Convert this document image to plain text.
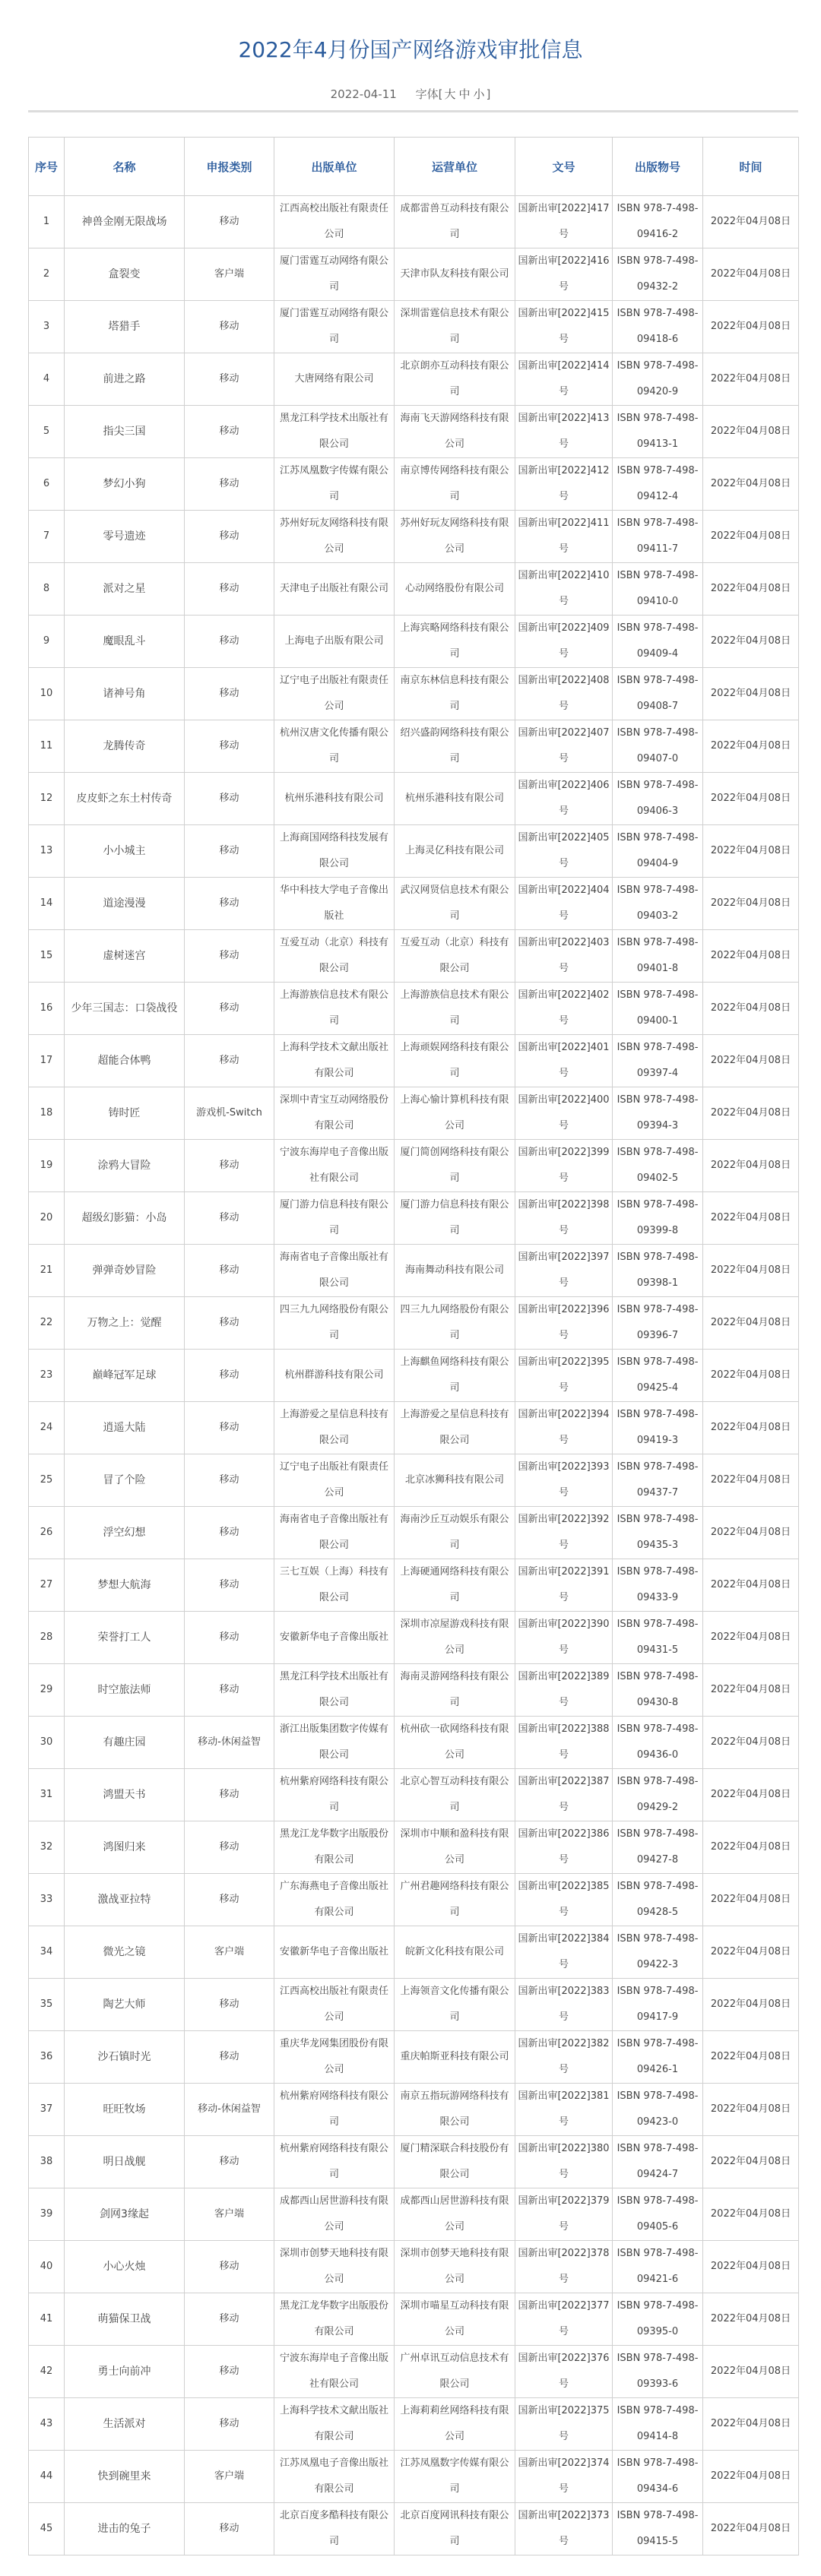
2022年4月份国产网络游戏审批信息
2022-04-11 字体[ 大 中 小 ]
序号	名称	申报类别	出版单位	运营单位	文号	出版物号	时间
1	神兽金刚无限战场	移动	江西高校出版社有限责任公司	成都雷兽互动科技有限公司	国新出审[2022]417号	ISBN 978-7-498-09416-2	2022年04月08日
2	盒裂变	客户端	厦门雷霆互动网络有限公司	天津市队友科技有限公司	国新出审[2022]416号	ISBN 978-7-498-09432-2	2022年04月08日
3	塔猎手	移动	厦门雷霆互动网络有限公司	深圳雷霆信息技术有限公司	国新出审[2022]415号	ISBN 978-7-498-09418-6	2022年04月08日
4	前进之路	移动	大唐网络有限公司	北京朗亦互动科技有限公司	国新出审[2022]414号	ISBN 978-7-498-09420-9	2022年04月08日
5	指尖三国	移动	黑龙江科学技术出版社有限公司	海南飞天游网络科技有限公司	国新出审[2022]413号	ISBN 978-7-498-09413-1	2022年04月08日
6	梦幻小狗	移动	江苏凤凰数字传媒有限公司	南京博传网络科技有限公司	国新出审[2022]412号	ISBN 978-7-498-09412-4	2022年04月08日
7	零号遗迹	移动	苏州好玩友网络科技有限公司	苏州好玩友网络科技有限公司	国新出审[2022]411号	ISBN 978-7-498-09411-7	2022年04月08日
8	派对之星	移动	天津电子出版社有限公司	心动网络股份有限公司	国新出审[2022]410号	ISBN 978-7-498-09410-0	2022年04月08日
9	魔眼乱斗	移动	上海电子出版有限公司	上海宾略网络科技有限公司	国新出审[2022]409号	ISBN 978-7-498-09409-4	2022年04月08日
10	诸神号角	移动	辽宁电子出版社有限责任公司	南京东林信息科技有限公司	国新出审[2022]408号	ISBN 978-7-498-09408-7	2022年04月08日
11	龙腾传奇	移动	杭州汉唐文化传播有限公司	绍兴盛韵网络科技有限公司	国新出审[2022]407号	ISBN 978-7-498-09407-0	2022年04月08日
12	皮皮虾之东土村传奇	移动	杭州乐港科技有限公司	杭州乐港科技有限公司	国新出审[2022]406号	ISBN 978-7-498-09406-3	2022年04月08日
13	小小城主	移动	上海商国网络科技发展有限公司	上海灵亿科技有限公司	国新出审[2022]405号	ISBN 978-7-498-09404-9	2022年04月08日
14	道途漫漫	移动	华中科技大学电子音像出版社	武汉网贤信息技术有限公司	国新出审[2022]404号	ISBN 978-7-498-09403-2	2022年04月08日
15	虚树迷宫	移动	互爱互动（北京）科技有限公司	互爱互动（北京）科技有限公司	国新出审[2022]403号	ISBN 978-7-498-09401-8	2022年04月08日
16	少年三国志：口袋战役	移动	上海游族信息技术有限公司	上海游族信息技术有限公司	国新出审[2022]402号	ISBN 978-7-498-09400-1	2022年04月08日
17	超能合体鸭	移动	上海科学技术文献出版社有限公司	上海顽娱网络科技有限公司	国新出审[2022]401号	ISBN 978-7-498-09397-4	2022年04月08日
18	铸时匠	游戏机-Switch	深圳中青宝互动网络股份有限公司	上海心愉计算机科技有限公司	国新出审[2022]400号	ISBN 978-7-498-09394-3	2022年04月08日
19	涂鸦大冒险	移动	宁波东海岸电子音像出版社有限公司	厦门简创网络科技有限公司	国新出审[2022]399号	ISBN 978-7-498-09402-5	2022年04月08日
20	超级幻影猫：小岛	移动	厦门游力信息科技有限公司	厦门游力信息科技有限公司	国新出审[2022]398号	ISBN 978-7-498-09399-8	2022年04月08日
21	弹弹奇妙冒险	移动	海南省电子音像出版社有限公司	海南舞动科技有限公司	国新出审[2022]397号	ISBN 978-7-498-09398-1	2022年04月08日
22	万物之上：觉醒	移动	四三九九网络股份有限公司	四三九九网络股份有限公司	国新出审[2022]396号	ISBN 978-7-498-09396-7	2022年04月08日
23	巅峰冠军足球	移动	杭州群游科技有限公司	上海麒鱼网络科技有限公司	国新出审[2022]395号	ISBN 978-7-498-09425-4	2022年04月08日
24	逍遥大陆	移动	上海游爱之星信息科技有限公司	上海游爱之星信息科技有限公司	国新出审[2022]394号	ISBN 978-7-498-09419-3	2022年04月08日
25	冒了个险	移动	辽宁电子出版社有限责任公司	北京冰狮科技有限公司	国新出审[2022]393号	ISBN 978-7-498-09437-7	2022年04月08日
26	浮空幻想	移动	海南省电子音像出版社有限公司	海南沙丘互动娱乐有限公司	国新出审[2022]392号	ISBN 978-7-498-09435-3	2022年04月08日
27	梦想大航海	移动	三七互娱（上海）科技有限公司	上海硬通网络科技有限公司	国新出审[2022]391号	ISBN 978-7-498-09433-9	2022年04月08日
28	荣誉打工人	移动	安徽新华电子音像出版社	深圳市凉屋游戏科技有限公司	国新出审[2022]390号	ISBN 978-7-498-09431-5	2022年04月08日
29	时空旅法师	移动	黑龙江科学技术出版社有限公司	海南灵游网络科技有限公司	国新出审[2022]389号	ISBN 978-7-498-09430-8	2022年04月08日
30	有趣庄园	移动-休闲益智	浙江出版集团数字传媒有限公司	杭州砍一砍网络科技有限公司	国新出审[2022]388号	ISBN 978-7-498-09436-0	2022年04月08日
31	鸿盟天书	移动	杭州紫府网络科技有限公司	北京心智互动科技有限公司	国新出审[2022]387号	ISBN 978-7-498-09429-2	2022年04月08日
32	鸿图归来	移动	黑龙江龙华数字出版股份有限公司	深圳市中顺和盈科技有限公司	国新出审[2022]386号	ISBN 978-7-498-09427-8	2022年04月08日
33	激战亚拉特	移动	广东海燕电子音像出版社有限公司	广州君趣网络科技有限公司	国新出审[2022]385号	ISBN 978-7-498-09428-5	2022年04月08日
34	微光之镜	客户端	安徽新华电子音像出版社	皖新文化科技有限公司	国新出审[2022]384号	ISBN 978-7-498-09422-3	2022年04月08日
35	陶艺大师	移动	江西高校出版社有限责任公司	上海领音文化传播有限公司	国新出审[2022]383号	ISBN 978-7-498-09417-9	2022年04月08日
36	沙石镇时光	移动	重庆华龙网集团股份有限公司	重庆帕斯亚科技有限公司	国新出审[2022]382号	ISBN 978-7-498-09426-1	2022年04月08日
37	旺旺牧场	移动-休闲益智	杭州紫府网络科技有限公司	南京五指玩游网络科技有限公司	国新出审[2022]381号	ISBN 978-7-498-09423-0	2022年04月08日
38	明日战舰	移动	杭州紫府网络科技有限公司	厦门精深联合科技股份有限公司	国新出审[2022]380号	ISBN 978-7-498-09424-7	2022年04月08日
39	剑网3缘起	客户端	成都西山居世游科技有限公司	成都西山居世游科技有限公司	国新出审[2022]379号	ISBN 978-7-498-09405-6	2022年04月08日
40	小心火烛	移动	深圳市创梦天地科技有限公司	深圳市创梦天地科技有限公司	国新出审[2022]378号	ISBN 978-7-498-09421-6	2022年04月08日
41	萌猫保卫战	移动	黑龙江龙华数字出版股份有限公司	深圳市喵星互动科技有限公司	国新出审[2022]377号	ISBN 978-7-498-09395-0	2022年04月08日
42	勇士向前冲	移动	宁波东海岸电子音像出版社有限公司	广州卓讯互动信息技术有限公司	国新出审[2022]376号	ISBN 978-7-498-09393-6	2022年04月08日
43	生活派对	移动	上海科学技术文献出版社有限公司	上海莉莉丝网络科技有限公司	国新出审[2022]375号	ISBN 978-7-498-09414-8	2022年04月08日
44	快到碗里来	客户端	江苏凤凰电子音像出版社有限公司	江苏凤凰数字传媒有限公司	国新出审[2022]374号	ISBN 978-7-498-09434-6	2022年04月08日
45	进击的兔子	移动	北京百度多酷科技有限公司	北京百度网讯科技有限公司	国新出审[2022]373号	ISBN 978-7-498-09415-5	2022年04月08日
